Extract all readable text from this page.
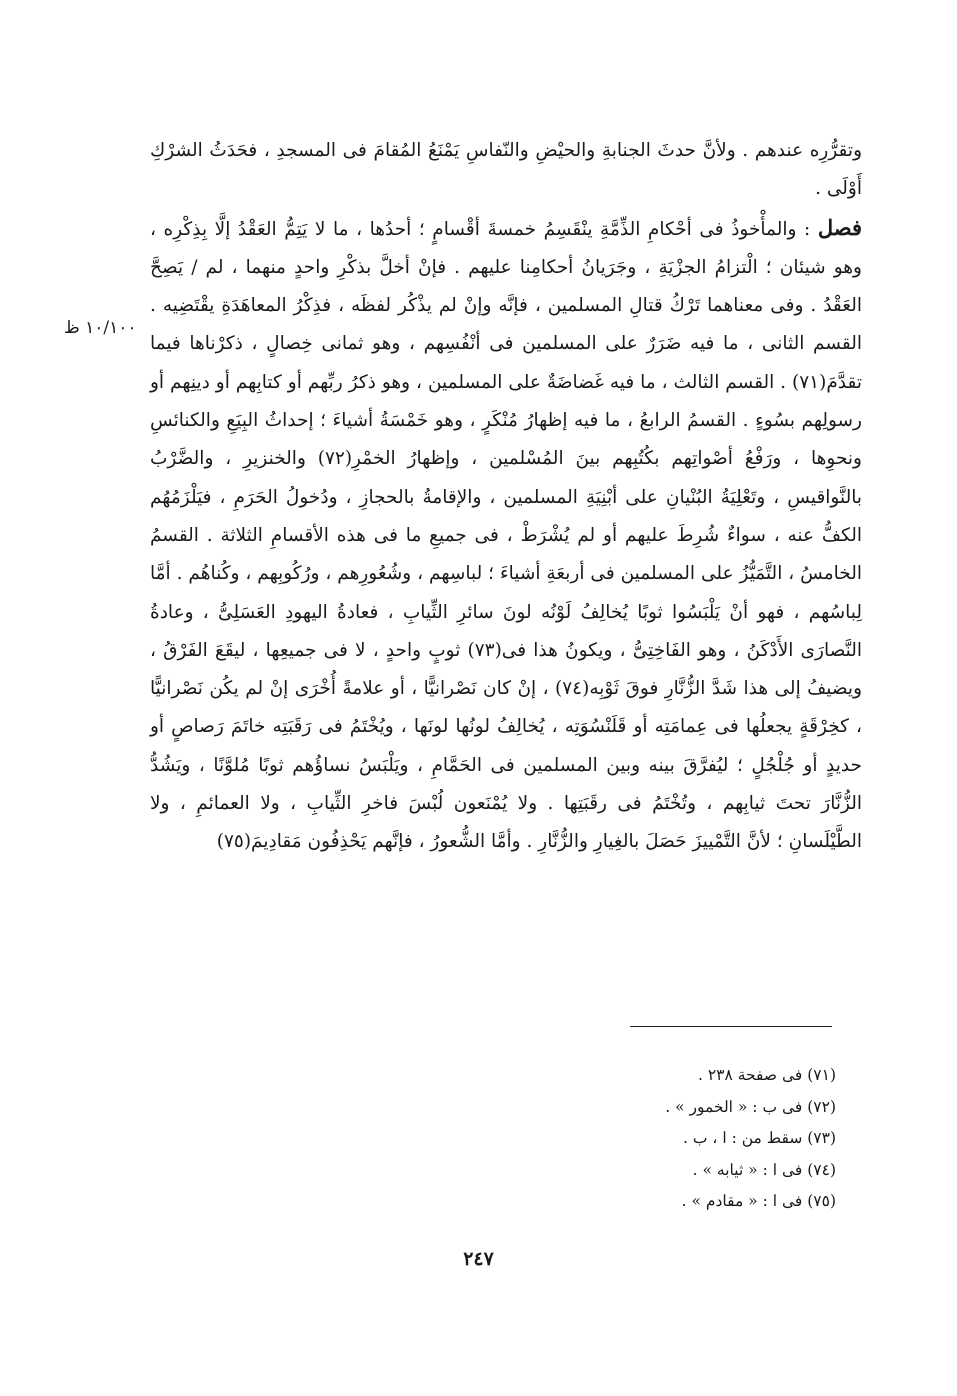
١٠/١٠٠ ظ

وتقرُّرِه عندهم . ولأنَّ حدثَ الجنابةِ والحيْضِ والنّفاسِ يَمْنَعُ المُقامَ فى المسجدِ ، فحَدَثُ الشرْكِ أَوْلَى .

فصل : والمأْخوذُ فى أحْكامِ الذِّمَّةِ ينْقَسِمُ خمسةَ أقْسامٍ ؛ أحدُها ، ما لا يَتِمُّ العَقْدُ إلَّا بِذِكْرِه ، وهو شيئان ؛ الْتزامُ الجزْيَةِ ، وجَرَيانُ أحكامِنا عليهم . فإنْ أخلَّ بذكْرِ واحدٍ منهما ، لم / يَصِحَّ العَقْدُ . وفى معناهما تَرْكُ قتالِ المسلمين ، فإنَّه وإنْ لم يذْكُر لفظَه ، فذِكْرُ المعاهَدَةِ يقْتَضِيه . القسم الثانى ، ما فيه ضَرَرٌ على المسلمين فى أنْفُسِهم ، وهو ثمانى خِصالٍ ، ذكرْناها فيما تقدَّمَ(٧١) . القسم الثالث ، ما فيه غَضاضَةٌ على المسلمين ، وهو ذكرُ ربِّهم أو كتابِهم أو دينِهم أو رسولِهم بسُوءٍ . القسمُ الرابعُ ، ما فيه إظهارُ مُنْكَرٍ ، وهو خَمْسَةُ أشياءَ ؛ إحداثُ البِيَعِ والكنائسِ ونحوِها ، ورَفْعُ أصْواتِهم بكُتُبِهم بينَ المُسْلمين ، وإظهارُ الخمْرِ(٧٢) والخنزيرِ ، والضَّرْبُ بالنَّواقيسِ ، وتَعْلِيَةُ البُنْيانِ على أبْنِيَةِ المسلمين ، والإقامةُ بالحجازِ ، ودُخولُ الحَرَمِ ، فيَلْزَمُهُم الكفُّ عنه ، سواءٌ شُرِطَ عليهم أو لم يُشْرَطْ ، فى جميعِ ما فى هذه الأقسامِ الثلاثة . القسمُ الخامسُ ، التَّمَيُّزُ على المسلمين فى أربعَةِ أشياءَ ؛ لباسِهم ، وشُعُورِهم ، ورُكُوبِهم ، وكُناهُم . أمَّا لِباسُهم ، فهو أنْ يَلْبَسُوا ثوبًا يُخالِفُ لَوْنُه لونَ سائرِ الثِّيابِ ، فعادةُ اليهودِ العَسَلِىُّ ، وعادةُ النَّصارَى الأَدْكَنُ ، وهو الفَاخِتِىُّ ، ويكونُ هذا فى(٧٣) ثوبٍ واحدٍ ، لا فى جميعِها ، ليقَعَ الفَرْقُ ، ويضيفُ إلى هذا شَدَّ الزُّنَّارِ فوقَ ثَوْبِه(٧٤) ، إنْ كان نَصْرانيًّا ، أو علامةً أُخْرَى إنْ لم يكُن نَصْرانيًّا ، كخِرْقَةٍ يجعلُها فى عِمامَتِه أو قَلَنْسُوَتِه ، يُخالِفُ لونُها لونَها ، ويُخْتَمُ فى رَقَبَتِه خاتَمَ رَصاصٍ أو حديدٍ أو جُلْجُلٍ ؛ ليُفرَّقَ بينه وبين المسلمين فى الحَمَّامِ ، ويَلْبَسُ نساؤُهم ثوبًا مُلوَّنًا ، ويَشُدُّ الزُّنَّارَ تحتَ ثيابِهم ، وتُخْتَمُ فى رقَبَتِها . ولا يُمْنَعون لُبْسَ فاخرِ الثِّيابِ ، ولا العمائمِ ، ولا الطَّيْلَسانِ ؛ لأنَّ التَّمْييزَ حَصَلَ بالغِيارِ والزُّنَّارِ . وأمَّا الشُّعورُ ، فإنَّهم يَحْذِفُون مَقادِيمَ(٧٥)

(٧١) فى صفحة ٢٣٨ .

(٧٢) فى ب : « الخمور » .

(٧٣) سقط من : ا ، ب .

(٧٤) فى ا : « ثيابه » .

(٧٥) فى ا : « مقادم » .

٢٤٧
